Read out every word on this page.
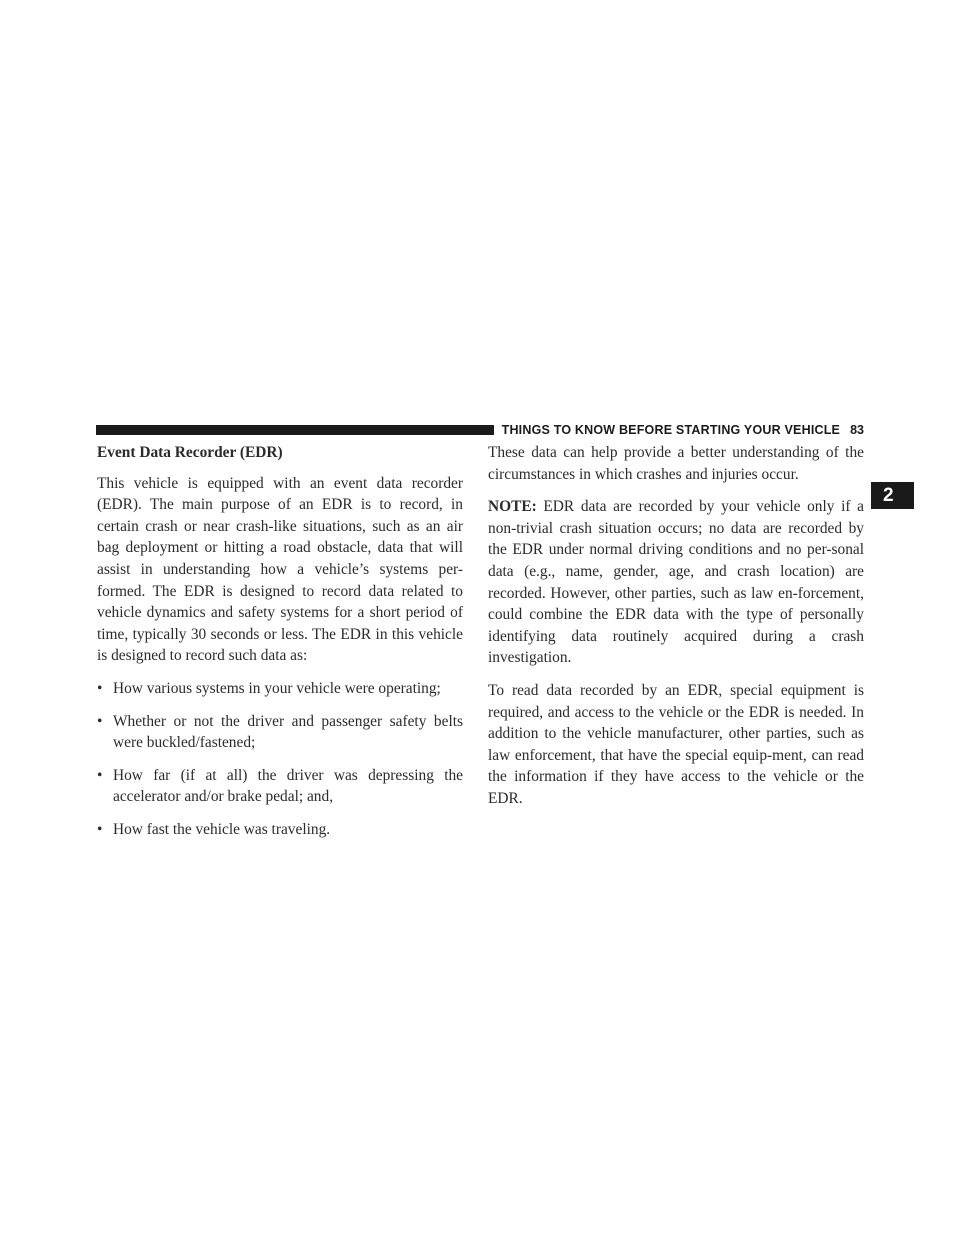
THINGS TO KNOW BEFORE STARTING YOUR VEHICLE 83
2

Event Data Recorder (EDR)

This vehicle is equipped with an event data recorder (EDR). The main purpose of an EDR is to record, in certain crash or near crash-like situations, such as an air bag deployment or hitting a road obstacle, data that will assist in understanding how a vehicle’s systems per-formed. The EDR is designed to record data related to vehicle dynamics and safety systems for a short period of time, typically 30 seconds or less. The EDR in this vehicle is designed to record such data as:

• How various systems in your vehicle were operating;
• Whether or not the driver and passenger safety belts were buckled/fastened;
• How far (if at all) the driver was depressing the accelerator and/or brake pedal; and,
• How fast the vehicle was traveling.

These data can help provide a better understanding of the circumstances in which crashes and injuries occur.

NOTE: EDR data are recorded by your vehicle only if a non-trivial crash situation occurs; no data are recorded by the EDR under normal driving conditions and no per-sonal data (e.g., name, gender, age, and crash location) are recorded. However, other parties, such as law en-forcement, could combine the EDR data with the type of personally identifying data routinely acquired during a crash investigation.

To read data recorded by an EDR, special equipment is required, and access to the vehicle or the EDR is needed. In addition to the vehicle manufacturer, other parties, such as law enforcement, that have the special equip-ment, can read the information if they have access to the vehicle or the EDR.
